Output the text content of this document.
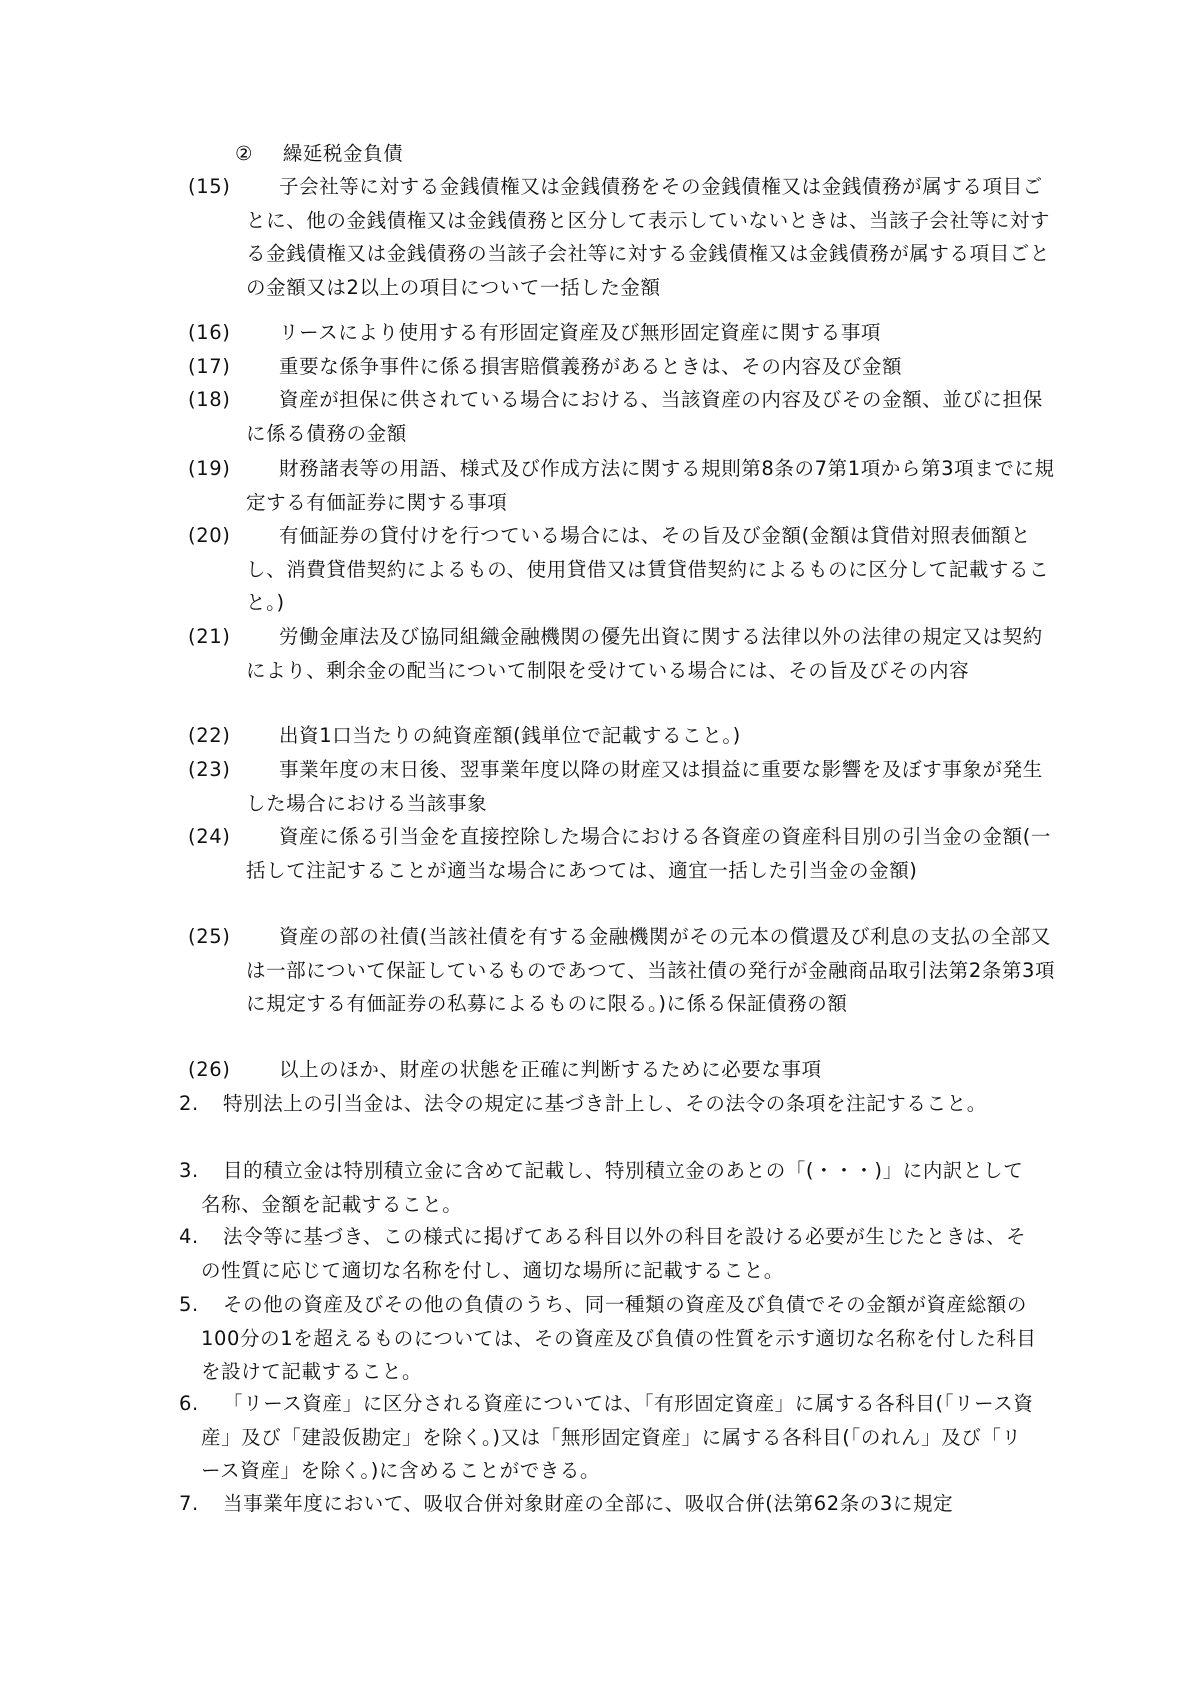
② 繰延税金負債
(15) 子会社等に対する金銭債権又は金銭債務をその金銭債権又は金銭債務が属する項目ごとに、他の金銭債権又は金銭債務と区分して表示していないときは、当該子会社等に対する金銭債権又は金銭債務の当該子会社等に対する金銭債権又は金銭債務が属する項目ごとの金額又は2以上の項目について一括した金額
(16) リースにより使用する有形固定資産及び無形固定資産に関する事項
(17) 重要な係争事件に係る損害賠償義務があるときは、その内容及び金額
(18) 資産が担保に供されている場合における、当該資産の内容及びその金額、並びに担保に係る債務の金額
(19) 財務諸表等の用語、様式及び作成方法に関する規則第8条の7第1項から第3項までに規定する有価証券に関する事項
(20) 有価証券の貸付けを行つている場合には、その旨及び金額(金額は貸借対照表価額とし、消費貸借契約によるもの、使用貸借又は賃貸借契約によるものに区分して記載すること。)
(21) 労働金庫法及び協同組織金融機関の優先出資に関する法律以外の法律の規定又は契約により、剰余金の配当について制限を受けている場合には、その旨及びその内容
(22) 出資1口当たりの純資産額(銭単位で記載すること。)
(23) 事業年度の末日後、翌事業年度以降の財産又は損益に重要な影響を及ぼす事象が発生した場合における当該事象
(24) 資産に係る引当金を直接控除した場合における各資産の資産科目別の引当金の金額(一括して注記することが適当な場合にあつては、適宜一括した引当金の金額)
(25) 資産の部の社債(当該社債を有する金融機関がその元本の償還及び利息の支払の全部又は一部について保証しているものであつて、当該社債の発行が金融商品取引法第2条第3項に規定する有価証券の私募によるものに限る。)に係る保証債務の額
(26) 以上のほか、財産の状態を正確に判断するために必要な事項
2. 特別法上の引当金は、法令の規定に基づき計上し、その法令の条項を注記すること。
3. 目的積立金は特別積立金に含めて記載し、特別積立金のあとの「(・・・)」に内訳として名称、金額を記載すること。
4. 法令等に基づき、この様式に掲げてある科目以外の科目を設ける必要が生じたときは、その性質に応じて適切な名称を付し、適切な場所に記載すること。
5. その他の資産及びその他の負債のうち、同一種類の資産及び負債でその金額が資産総額の100分の1を超えるものについては、その資産及び負債の性質を示す適切な名称を付した科目を設けて記載すること。
6. 「リース資産」に区分される資産については、「有形固定資産」に属する各科目(「リース資産」及び「建設仮勘定」を除く。)又は「無形固定資産」に属する各科目(「のれん」及び「リース資産」を除く。)に含めることができる。
7. 当事業年度において、吸収合併対象財産の全部に、吸収合併(法第62条の3に規定
